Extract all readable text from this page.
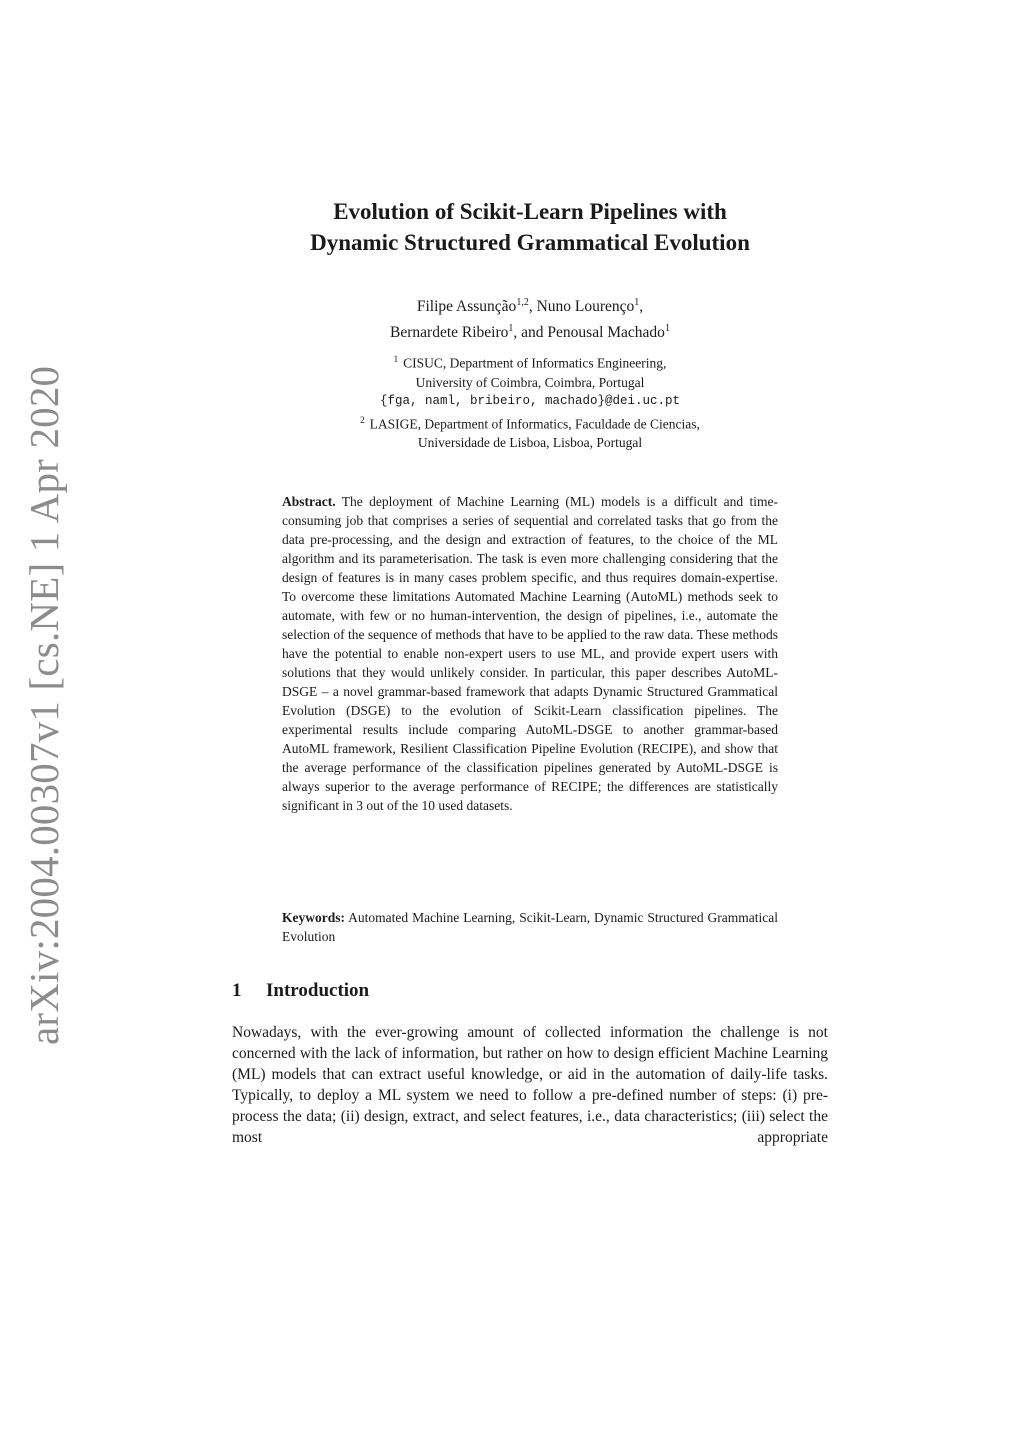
arXiv:2004.00307v1 [cs.NE] 1 Apr 2020
Evolution of Scikit-Learn Pipelines with
Dynamic Structured Grammatical Evolution
Filipe Assunção$^{1,2}$, Nuno Lourenço$^1$,
Bernardete Ribeiro$^1$, and Penousal Machado$^1$
$^1$ CISUC, Department of Informatics Engineering,
University of Coimbra, Coimbra, Portugal
{fga, naml, bribeiro, machado}@dei.uc.pt
$^2$ LASIGE, Department of Informatics, Faculdade de Ciencias,
Universidade de Lisboa, Lisboa, Portugal
Abstract. The deployment of Machine Learning (ML) models is a difficult and time-consuming job that comprises a series of sequential and correlated tasks that go from the data pre-processing, and the design and extraction of features, to the choice of the ML algorithm and its parameterisation. The task is even more challenging considering that the design of features is in many cases problem specific, and thus requires domain-expertise. To overcome these limitations Automated Machine Learning (AutoML) methods seek to automate, with few or no human-intervention, the design of pipelines, i.e., automate the selection of the sequence of methods that have to be applied to the raw data. These methods have the potential to enable non-expert users to use ML, and provide expert users with solutions that they would unlikely consider. In particular, this paper describes AutoML-DSGE – a novel grammar-based framework that adapts Dynamic Structured Grammatical Evolution (DSGE) to the evolution of Scikit-Learn classification pipelines. The experimental results include comparing AutoML-DSGE to another grammar-based AutoML framework, Resilient Classification Pipeline Evolution (RECIPE), and show that the average performance of the classification pipelines generated by AutoML-DSGE is always superior to the average performance of RECIPE; the differences are statistically significant in 3 out of the 10 used datasets.
Keywords: Automated Machine Learning, Scikit-Learn, Dynamic Structured Grammatical Evolution
1 Introduction
Nowadays, with the ever-growing amount of collected information the challenge is not concerned with the lack of information, but rather on how to design efficient Machine Learning (ML) models that can extract useful knowledge, or aid in the automation of daily-life tasks. Typically, to deploy a ML system we need to follow a pre-defined number of steps: (i) pre-process the data; (ii) design, extract, and select features, i.e., data characteristics; (iii) select the most appropriate
